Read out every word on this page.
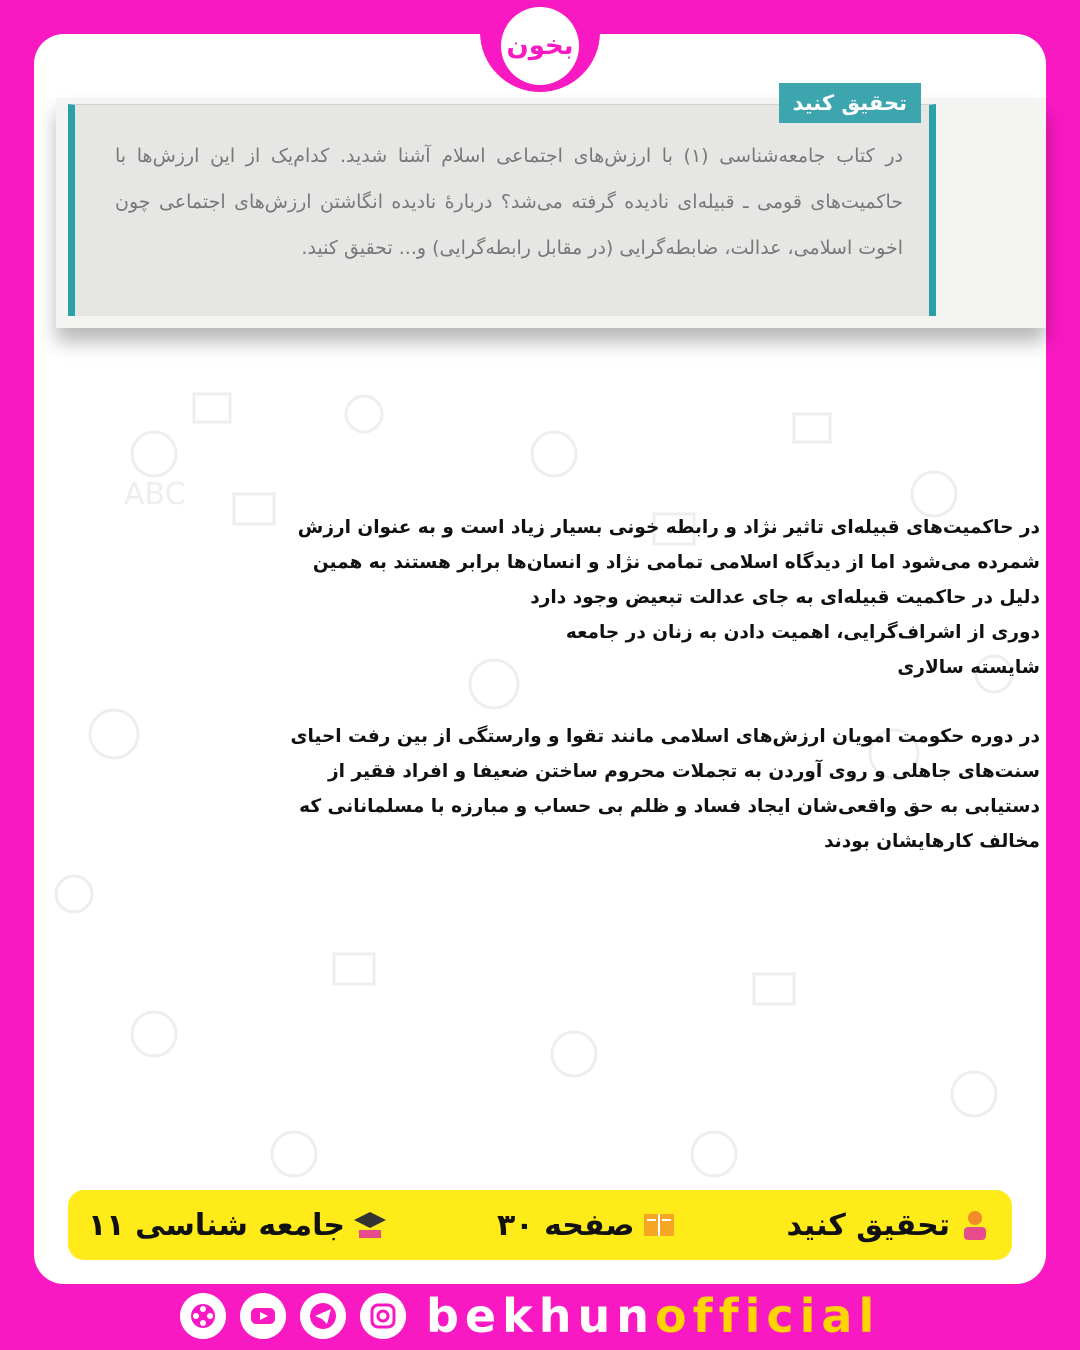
ABC
بخون
تحقیق کنید
در کتاب جامعه‌شناسی (۱) با ارزش‌های اجتماعی اسلام آشنا شدید. کدام‌یک از این ارزش‌ها با حاکمیت‌های قومی ـ قبیله‌ای نادیده گرفته می‌شد؟ دربارهٔ نادیده انگاشتن ارزش‌های اجتماعی چون اخوت اسلامی، عدالت، ضابطه‌گرایی (در مقابل رابطه‌گرایی) و... تحقیق کنید.

در حاکمیت‌های قبیله‌ای تاثیر نژاد و رابطه خونی بسیار زیاد است و به عنوان ارزش

شمرده می‌شود اما از دیدگاه اسلامی تمامی نژاد و انسان‌ها برابر هستند به همین

دلیل در حاکمیت قبیله‌ای به جای عدالت تبعیض وجود دارد

دوری از اشراف‌گرایی، اهمیت دادن به زنان در جامعه

شایسته سالاری

در دوره حکومت امویان ارزش‌های اسلامی مانند تقوا و وارستگی از بین رفت احیای

سنت‌های جاهلی و روی آوردن به تجملات محروم ساختن ضعیفا و افراد فقیر از

دستیابی به حق واقعی‌شان ایجاد فساد و ظلم بی حساب و مبارزه با مسلمانانی که

مخالف کارهایشان بودند

تحقیق کنید
صفحه ۳۰
جامعه شناسی ۱۱
bekhunofficial
